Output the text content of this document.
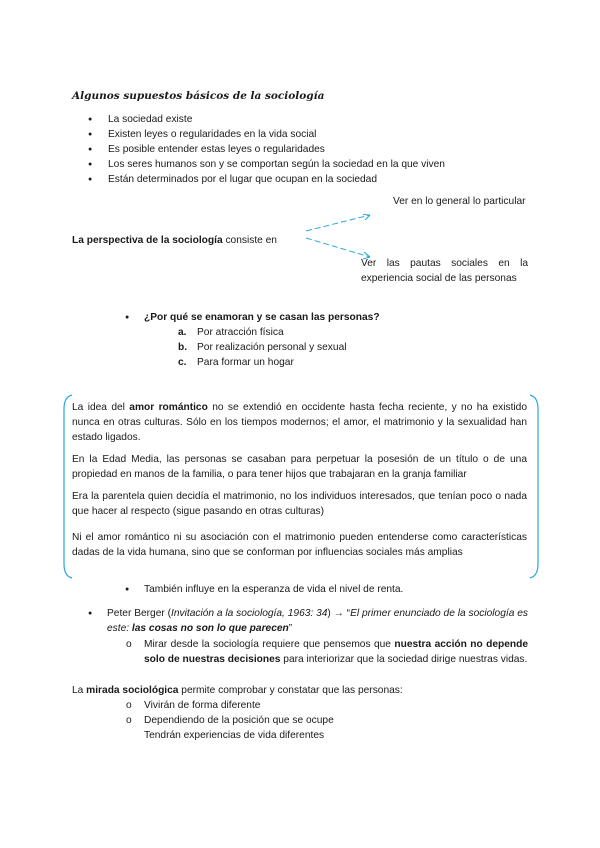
Algunos supuestos básicos de la sociología
● La sociedad existe
● Existen leyes o regularidades en la vida social
● Es posible entender estas leyes o regularidades
● Los seres humanos son y se comportan según la sociedad en la que viven
● Están determinados por el lugar que ocupan en la sociedad
Ver en lo general lo particular
La perspectiva de la sociología consiste en
Ver las pautas sociales en la experiencia social de las personas
● ¿Por qué se enamoran y se casan las personas?
a. Por atracción física
b. Por realización personal y sexual
c. Para formar un hogar

La idea del amor romántico no se extendió en occidente hasta fecha reciente, y no ha existido nunca en otras culturas. Sólo en los tiempos modernos; el amor, el matrimonio y la sexualidad han estado ligados.

En la Edad Media, las personas se casaban para perpetuar la posesión de un título o de una propiedad en manos de la familia, o para tener hijos que trabajaran en la granja familiar

Era la parentela quien decidía el matrimonio, no los individuos interesados, que tenían poco o nada que hacer al respecto (sigue pasando en otras culturas)

Ni el amor romántico ni su asociación con el matrimonio pueden entenderse como características dadas de la vida humana, sino que se conforman por influencias sociales más amplias

● También influye en la esperanza de vida el nivel de renta.
● Peter Berger (Invitación a la sociología, 1963: 34) → “El primer enunciado de la sociología es este: las cosas no son lo que parecen”
o Mirar desde la sociología requiere que pensemos que nuestra acción no depende solo de nuestras decisiones para interiorizar que la sociedad dirige nuestras vidas.
La mirada sociológica permite comprobar y constatar que las personas:
o Vivirán de forma diferente
o Dependiendo de la posición que se ocupe
Tendrán experiencias de vida diferentes
